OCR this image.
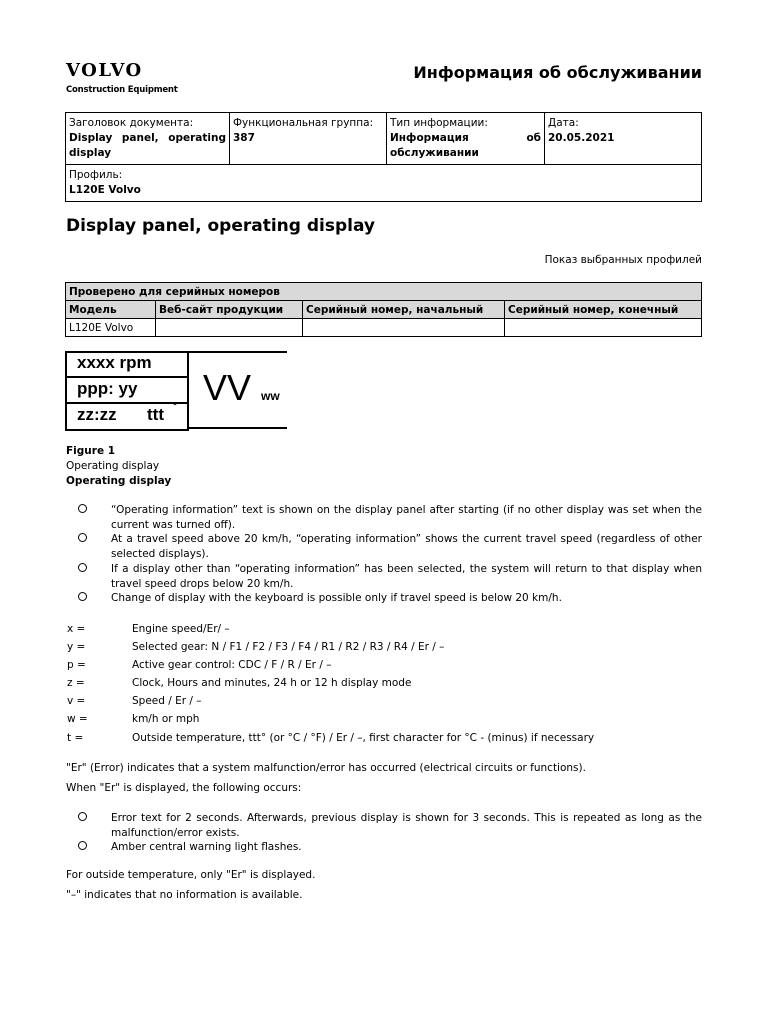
VOLVO
Construction Equipment
Информация об обслуживании
Заголовок документа:
Display panel, operating display

Функциональная группа:
387

Тип информации:
Информация об обслуживании

Дата:
20.05.2021

Профиль:
L120E Volvo
Display panel, operating display
Показ выбранных профилей
Проверено для серийных номеров			
Модель	Веб-сайт продукции	Серийный номер, начальный	Серийный номер, конечный
L120E Volvo			
xxxx rpm
ppp: yy
zz:zz ttt ° VV ww
Figure 1
Operating display
Operating display
“Operating information” text is shown on the display panel after starting (if no other display was set when the current was turned off).
At a travel speed above 20 km/h, “operating information” shows the current travel speed (regardless of other selected displays).
If a display other than “operating information” has been selected, the system will return to that display when travel speed drops below 20 km/h.
Change of display with the keyboard is possible only if travel speed is below 20 km/h.
x =	Engine speed/Er/ –
y =	Selected gear: N / F1 / F2 / F3 / F4 / R1 / R2 / R3 / R4 / Er / –
p =	Active gear control: CDC / F / R / Er / –
z =	Clock, Hours and minutes, 24 h or 12 h display mode
v =	Speed / Er / –
w =	km/h or mph
t =	Outside temperature, ttt° (or °C / °F) / Er / –, first character for °C - (minus) if necessary
"Er" (Error) indicates that a system malfunction/error has occurred (electrical circuits or functions).
When "Er" is displayed, the following occurs:
Error text for 2 seconds. Afterwards, previous display is shown for 3 seconds. This is repeated as long as the malfunction/error exists.
Amber central warning light flashes.
For outside temperature, only "Er" is displayed.
"–" indicates that no information is available.
